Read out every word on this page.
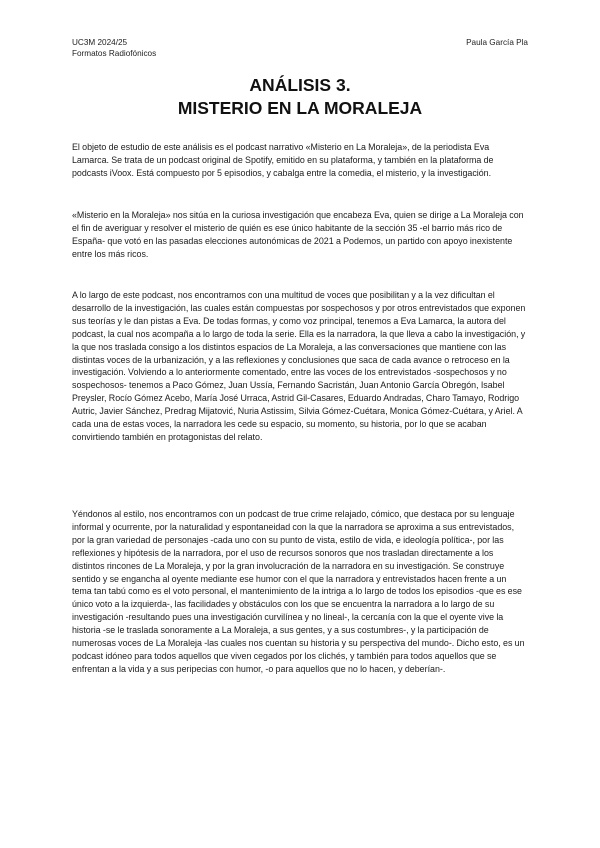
UC3M 2024/25
Formatos Radiofónicos
Paula García Pla
ANÁLISIS 3.
MISTERIO EN LA MORALEJA

El objeto de estudio de este análisis es el podcast narrativo «Misterio en La Moraleja», de la periodista Eva Lamarca. Se trata de un podcast original de Spotify, emitido en su plataforma, y también en la plataforma de podcasts iVoox. Está compuesto por 5 episodios, y cabalga entre la comedia, el misterio, y la investigación.

«Misterio en la Moraleja» nos sitúa en la curiosa investigación que encabeza Eva, quien se dirige a La Moraleja con el fin de averiguar y resolver el misterio de quién es ese único habitante de la sección 35 -el barrio más rico de España- que votó en las pasadas elecciones autonómicas de 2021 a Podemos, un partido con apoyo inexistente entre los más ricos.

A lo largo de este podcast, nos encontramos con una multitud de voces que posibilitan y a la vez dificultan el desarrollo de la investigación, las cuales están compuestas por sospechosos y por otros entrevistados que exponen sus teorías y le dan pistas a Eva. De todas formas, y como voz principal, tenemos a Eva Lamarca, la autora del podcast, la cual nos acompaña a lo largo de toda la serie. Ella es la narradora, la que lleva a cabo la investigación, y la que nos traslada consigo a los distintos espacios de La Moraleja, a las conversaciones que mantiene con las distintas voces de la urbanización, y a las reflexiones y conclusiones que saca de cada avance o retroceso en la investigación. Volviendo a lo anteriormente comentado, entre las voces de los entrevistados -sospechosos y no sospechosos- tenemos a Paco Gómez, Juan Ussía, Fernando Sacristán, Juan Antonio García Obregón, Isabel Preysler, Rocío Gómez Acebo, María José Urraca, Astrid Gil-Casares, Eduardo Andradas, Charo Tamayo, Rodrigo Autric, Javier Sánchez, Predrag Mijatović, Nuria Astissim, Silvia Gómez-Cuétara, Monica Gómez-Cuétara, y Ariel. A cada una de estas voces, la narradora les cede su espacio, su momento, su historia, por lo que se acaban convirtiendo también en protagonistas del relato.

Yéndonos al estilo, nos encontramos con un podcast de true crime relajado, cómico, que destaca por su lenguaje informal y ocurrente, por la naturalidad y espontaneidad con la que la narradora se aproxima a sus entrevistados, por la gran variedad de personajes -cada uno con su punto de vista, estilo de vida, e ideología política-, por las reflexiones y hipótesis de la narradora, por el uso de recursos sonoros que nos trasladan directamente a los distintos rincones de La Moraleja, y por la gran involucración de la narradora en su investigación. Se construye sentido y se engancha al oyente mediante ese humor con el que la narradora y entrevistados hacen frente a un tema tan tabú como es el voto personal, el mantenimiento de la intriga a lo largo de todos los episodios -que es ese único voto a la izquierda-, las facilidades y obstáculos con los que se encuentra la narradora a lo largo de su investigación -resultando pues una investigación curvilínea y no lineal-, la cercanía con la que el oyente vive la historia -se le traslada sonoramente a La Moraleja, a sus gentes, y a sus costumbres-, y la participación de numerosas voces de La Moraleja -las cuales nos cuentan su historia y su perspectiva del mundo-. Dicho esto, es un podcast idóneo para todos aquellos que viven cegados por los clichés, y también para todos aquellos que se enfrentan a la vida y a sus peripecias con humor, -o para aquellos que no lo hacen, y deberían-.
